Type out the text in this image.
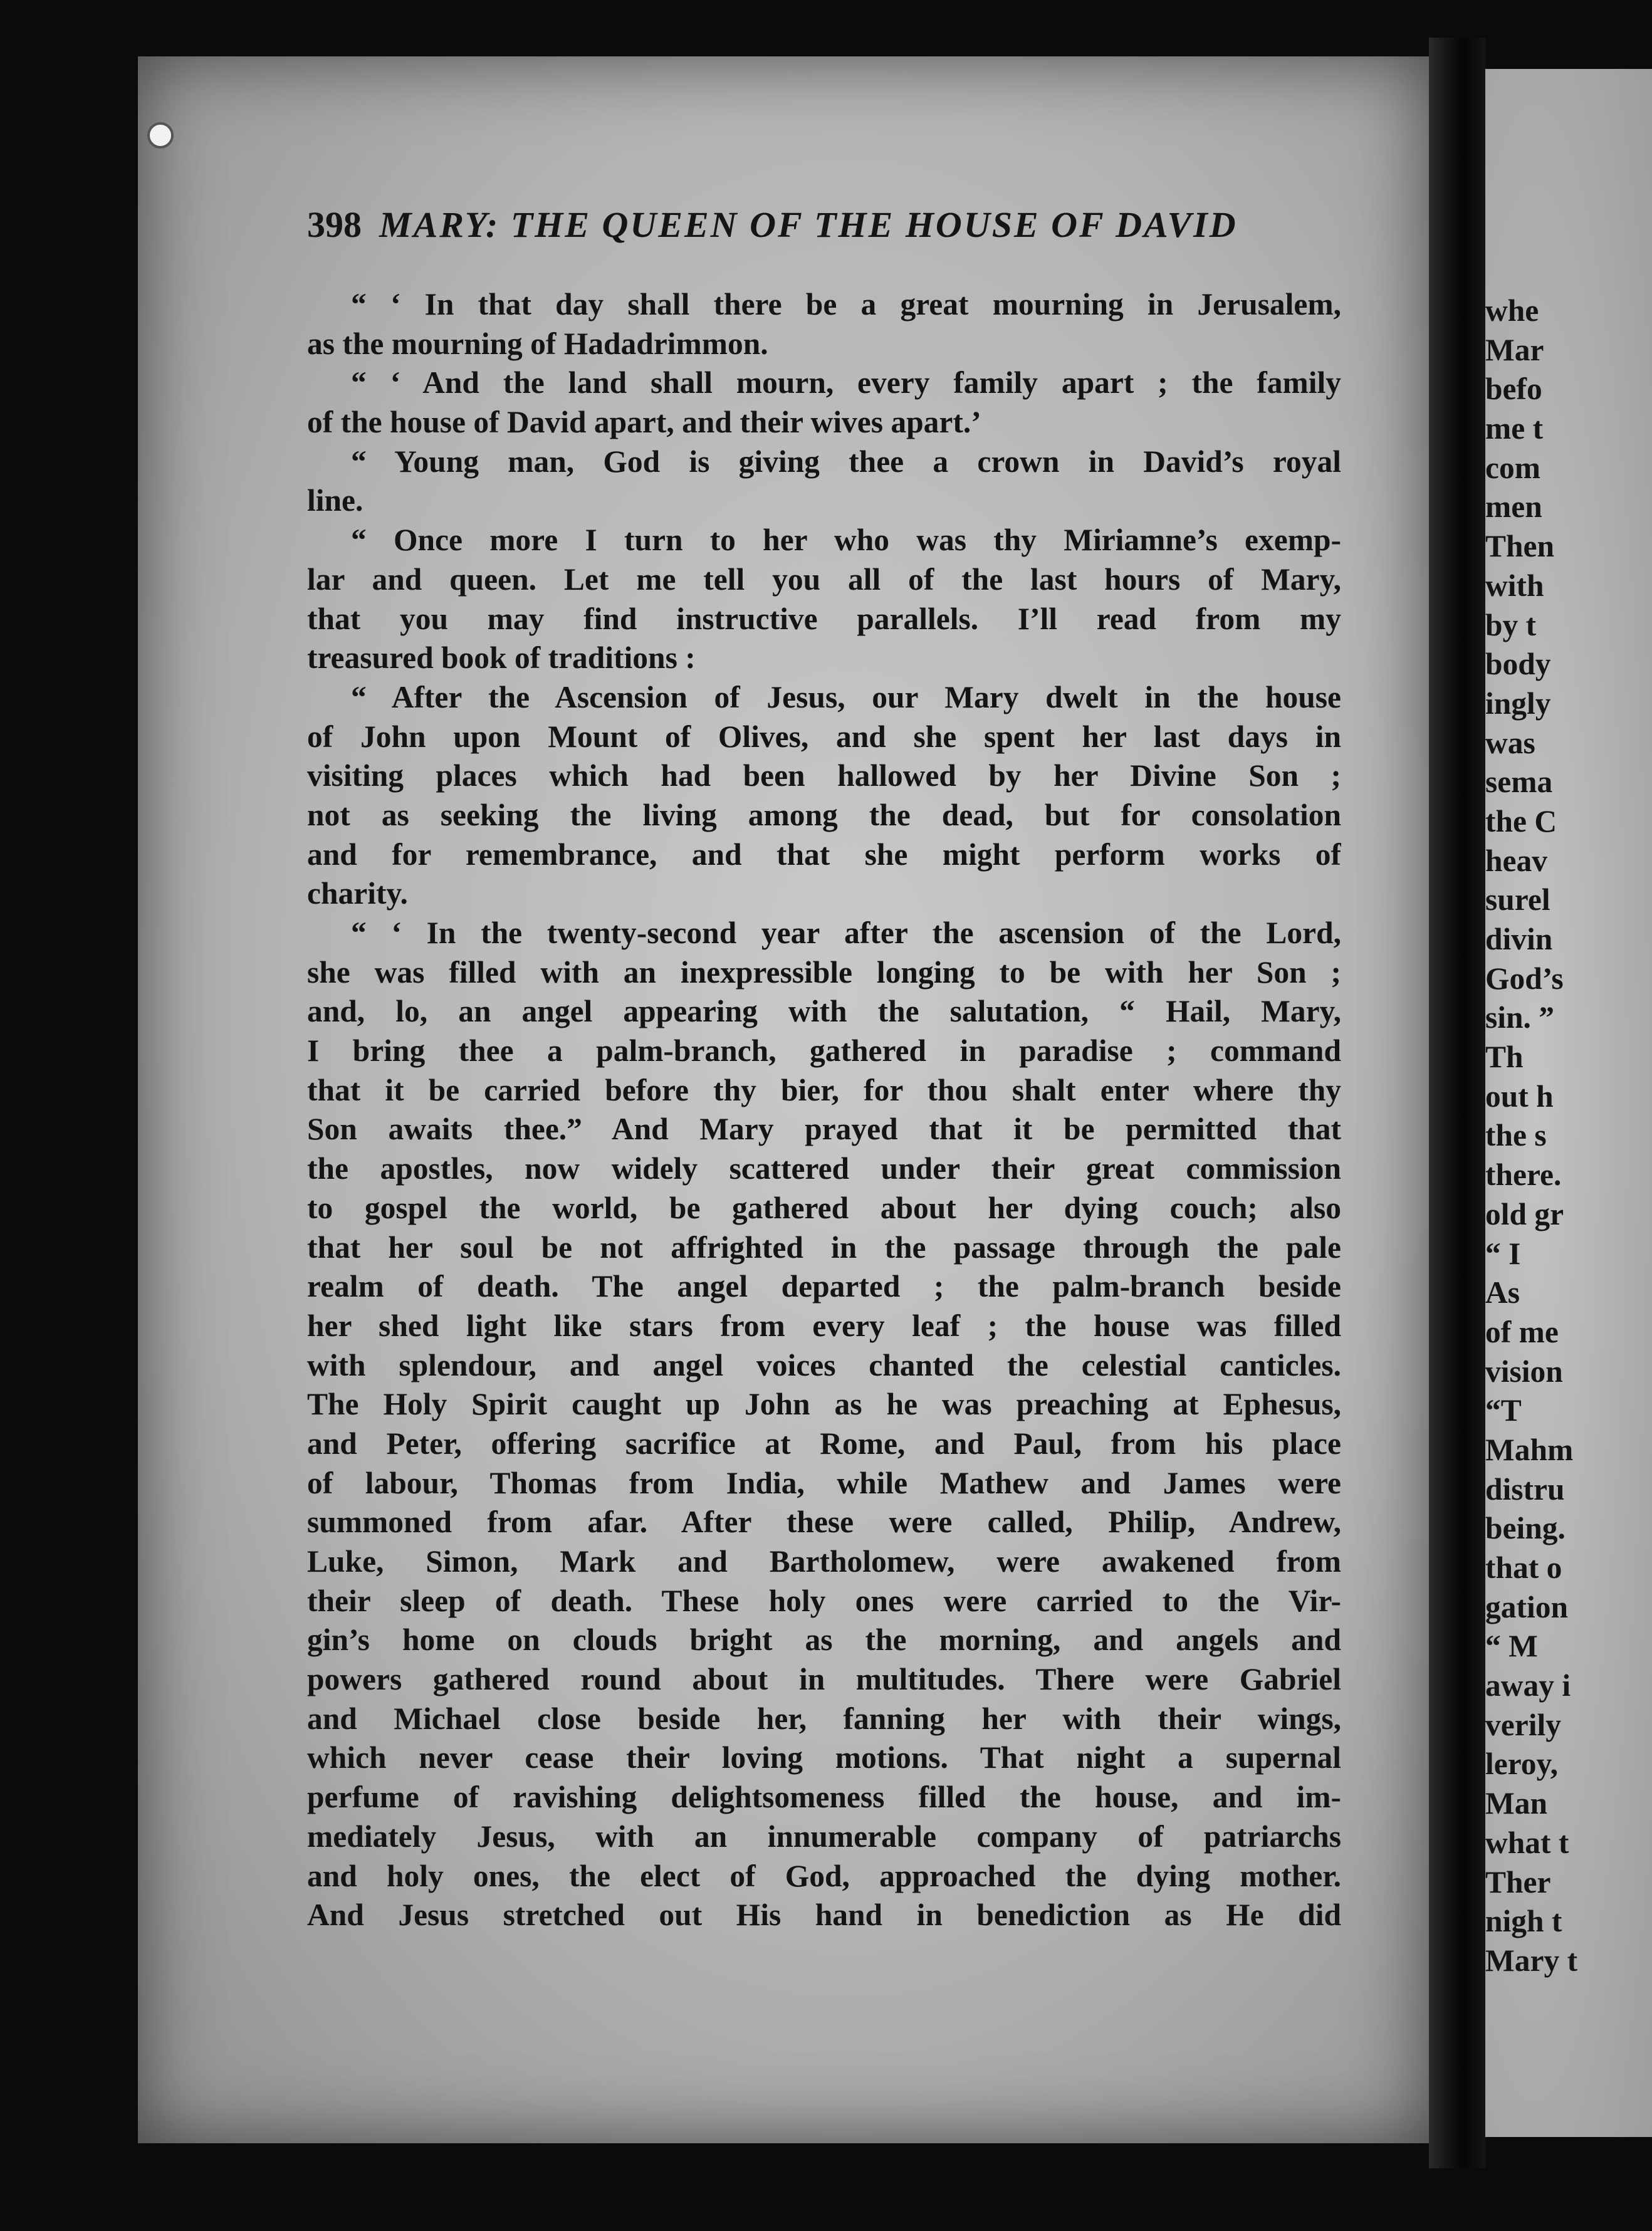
whe
Mar
befo
me t
com
men
Then
with
by t
body
ingly
was
sema
the C
heav
surel
divin
God’s
sin. ”
Th
out h
the s
there.
old gr
“ I
As
of me
vision
“T
Mahm
distru
being.
that o
gation
“ M
away i
verily
leroy,
Man
what t
Ther
nigh t
Mary t
398 MARY: THE QUEEN OF THE HOUSE OF DAVID
“ ‘ In that day shall there be a great mourning in Jerusalem,
as the mourning of Hadadrimmon.
“ ‘ And the land shall mourn, every family apart ; the family
of the house of David apart, and their wives apart.’
“ Young man, God is giving thee a crown in David’s royal
line.
“ Once more I turn to her who was thy Miriamne’s exemp-
lar and queen. Let me tell you all of the last hours of Mary,
that you may find instructive parallels. I’ll read from my
treasured book of traditions :
“ After the Ascension of Jesus, our Mary dwelt in the house
of John upon Mount of Olives, and she spent her last days in
visiting places which had been hallowed by her Divine Son ;
not as seeking the living among the dead, but for consolation
and for remembrance, and that she might perform works of
charity.
“ ‘ In the twenty-second year after the ascension of the Lord,
she was filled with an inexpressible longing to be with her Son ;
and, lo, an angel appearing with the salutation, “ Hail, Mary,
I bring thee a palm-branch, gathered in paradise ; command
that it be carried before thy bier, for thou shalt enter where thy
Son awaits thee.” And Mary prayed that it be permitted that
the apostles, now widely scattered under their great commission
to gospel the world, be gathered about her dying couch; also
that her soul be not affrighted in the passage through the pale
realm of death. The angel departed ; the palm-branch beside
her shed light like stars from every leaf ; the house was filled
with splendour, and angel voices chanted the celestial canticles.
The Holy Spirit caught up John as he was preaching at Ephesus,
and Peter, offering sacrifice at Rome, and Paul, from his place
of labour, Thomas from India, while Mathew and James were
summoned from afar. After these were called, Philip, Andrew,
Luke, Simon, Mark and Bartholomew, were awakened from
their sleep of death. These holy ones were carried to the Vir-
gin’s home on clouds bright as the morning, and angels and
powers gathered round about in multitudes. There were Gabriel
and Michael close beside her, fanning her with their wings,
which never cease their loving motions. That night a supernal
perfume of ravishing delightsomeness filled the house, and im-
mediately Jesus, with an innumerable company of patriarchs
and holy ones, the elect of God, approached the dying mother.
And Jesus stretched out His hand in benediction as He did
